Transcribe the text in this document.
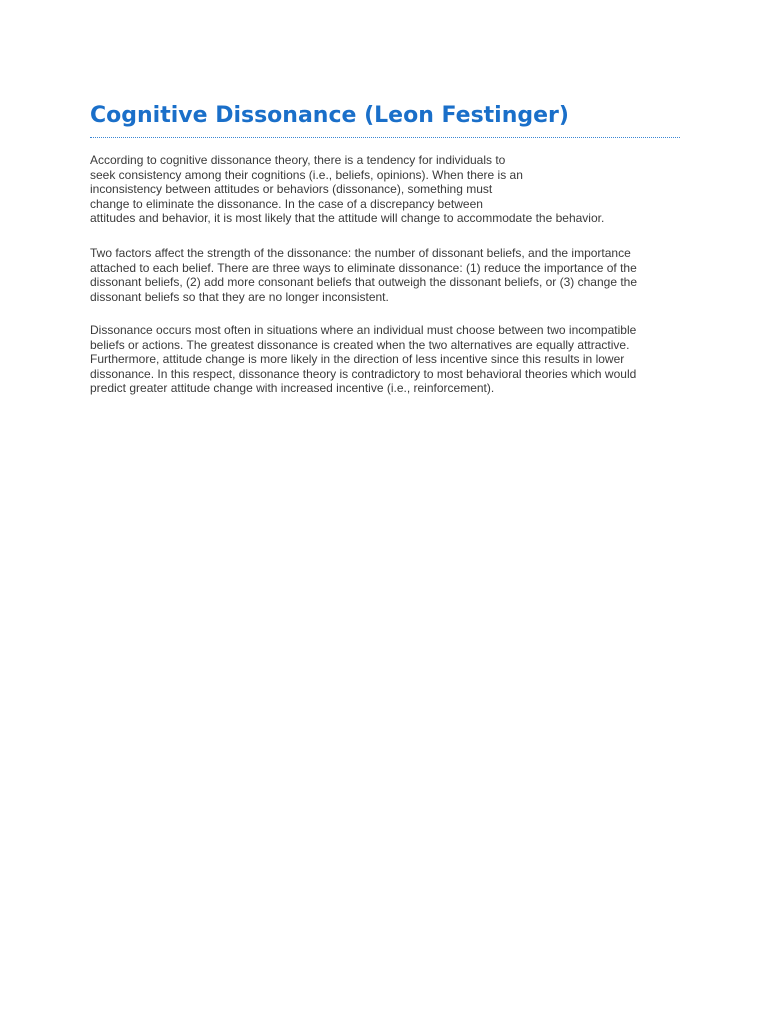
Cognitive Dissonance (Leon Festinger)

According to cognitive dissonance theory, there is a tendency for individuals to
seek consistency among their cognitions (i.e., beliefs, opinions). When there is an
inconsistency between attitudes or behaviors (dissonance), something must
change to eliminate the dissonance. In the case of a discrepancy between
attitudes and behavior, it is most likely that the attitude will change to accommodate the behavior.

Two factors affect the strength of the dissonance: the number of dissonant beliefs, and the importance
attached to each belief. There are three ways to eliminate dissonance: (1) reduce the importance of the
dissonant beliefs, (2) add more consonant beliefs that outweigh the dissonant beliefs, or (3) change the
dissonant beliefs so that they are no longer inconsistent.

Dissonance occurs most often in situations where an individual must choose between two incompatible
beliefs or actions. The greatest dissonance is created when the two alternatives are equally attractive.
Furthermore, attitude change is more likely in the direction of less incentive since this results in lower
dissonance. In this respect, dissonance theory is contradictory to most behavioral theories which would
predict greater attitude change with increased incentive (i.e., reinforcement).
